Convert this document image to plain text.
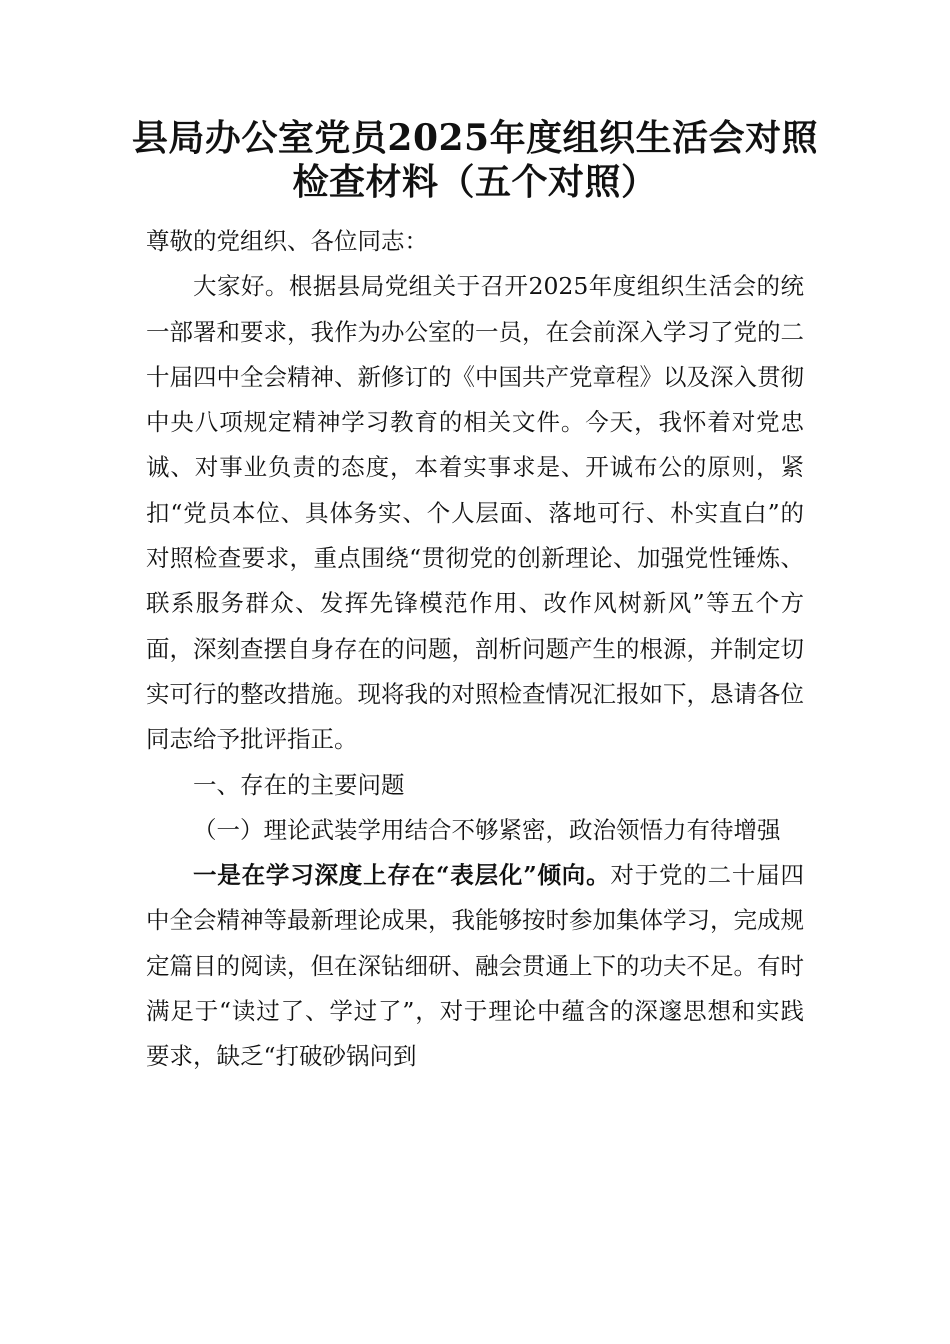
县局办公室党员2025年度组织生活会对照
检查材料（五个对照）

尊敬的党组织、各位同志：

大家好。根据县局党组关于召开2025年度组织生活会的统一部署和要求，我作为办公室的一员，在会前深入学习了党的二十届四中全会精神、新修订的《中国共产党章程》以及深入贯彻中央八项规定精神学习教育的相关文件。今天，我怀着对党忠诚、对事业负责的态度，本着实事求是、开诚布公的原则，紧扣“党员本位、具体务实、个人层面、落地可行、朴实直白”的对照检查要求，重点围绕“贯彻党的创新理论、加强党性锤炼、联系服务群众、发挥先锋模范作用、改作风树新风”等五个方面，深刻查摆自身存在的问题，剖析问题产生的根源，并制定切实可行的整改措施。现将我的对照检查情况汇报如下，恳请各位同志给予批评指正。

一、存在的主要问题

（一）理论武装学用结合不够紧密，政治领悟力有待增强

一是在学习深度上存在“表层化”倾向。对于党的二十届四中全会精神等最新理论成果，我能够按时参加集体学习，完成规定篇目的阅读，但在深钻细研、融会贯通上下的功夫不足。有时满足于“读过了、学过了”，对于理论中蕴含的深邃思想和实践要求，缺乏“打破砂锅问到
